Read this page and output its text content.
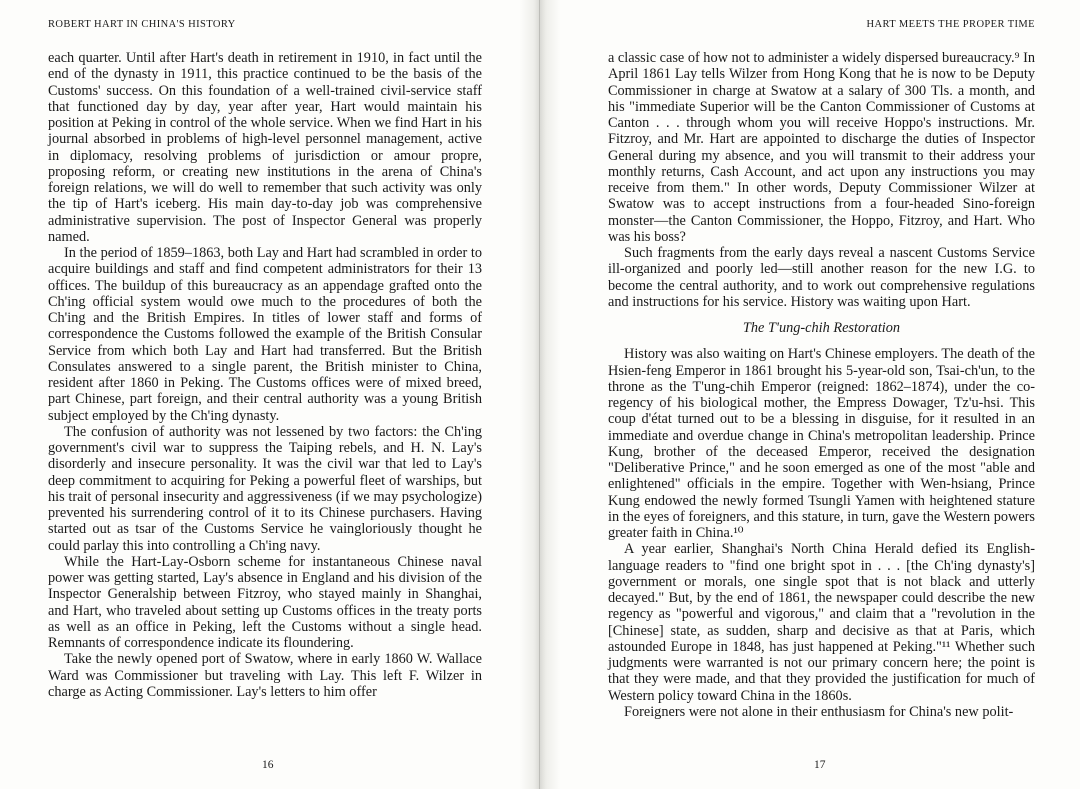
ROBERT HART IN CHINA'S HISTORY

each quarter. Until after Hart's death in retirement in 1910, in fact until the end of the dynasty in 1911, this practice continued to be the basis of the Customs' success. On this foundation of a well-trained civil-service staff that functioned day by day, year after year, Hart would maintain his position at Peking in control of the whole service. When we find Hart in his journal absorbed in problems of high-level personnel management, active in diplomacy, resolving problems of jurisdiction or amour propre, proposing reform, or creating new institutions in the arena of China's foreign relations, we will do well to remember that such activity was only the tip of Hart's iceberg. His main day-to-day job was comprehensive administrative supervision. The post of Inspector General was properly named.

In the period of 1859–1863, both Lay and Hart had scrambled in order to acquire buildings and staff and find competent administrators for their 13 offices. The buildup of this bureaucracy as an appendage grafted onto the Ch'ing official system would owe much to the procedures of both the Ch'ing and the British Empires. In titles of lower staff and forms of correspondence the Customs followed the example of the British Consular Service from which both Lay and Hart had transferred. But the British Consulates answered to a single parent, the British minister to China, resident after 1860 in Peking. The Customs offices were of mixed breed, part Chinese, part foreign, and their central authority was a young British subject employed by the Ch'ing dynasty.

The confusion of authority was not lessened by two factors: the Ch'ing government's civil war to suppress the Taiping rebels, and H. N. Lay's disorderly and insecure personality. It was the civil war that led to Lay's deep commitment to acquiring for Peking a powerful fleet of warships, but his trait of personal insecurity and aggressiveness (if we may psychologize) prevented his surrendering control of it to its Chinese purchasers. Having started out as tsar of the Customs Service he vaingloriously thought he could parlay this into controlling a Ch'ing navy.

While the Hart-Lay-Osborn scheme for instantaneous Chinese naval power was getting started, Lay's absence in England and his division of the Inspector Generalship between Fitzroy, who stayed mainly in Shanghai, and Hart, who traveled about setting up Customs offices in the treaty ports as well as an office in Peking, left the Customs without a single head. Remnants of correspondence indicate its floundering.

Take the newly opened port of Swatow, where in early 1860 W. Wallace Ward was Commissioner but traveling with Lay. This left F. Wilzer in charge as Acting Commissioner. Lay's letters to him offer

16
HART MEETS THE PROPER TIME

a classic case of how not to administer a widely dispersed bureaucracy.⁹ In April 1861 Lay tells Wilzer from Hong Kong that he is now to be Deputy Commissioner in charge at Swatow at a salary of 300 Tls. a month, and his "immediate Superior will be the Canton Commissioner of Customs at Canton . . . through whom you will receive Hoppo's instructions. Mr. Fitzroy, and Mr. Hart are appointed to discharge the duties of Inspector General during my absence, and you will transmit to their address your monthly returns, Cash Account, and act upon any instructions you may receive from them." In other words, Deputy Commissioner Wilzer at Swatow was to accept instructions from a four-headed Sino-foreign monster—the Canton Commissioner, the Hoppo, Fitzroy, and Hart. Who was his boss?

Such fragments from the early days reveal a nascent Customs Service ill-organized and poorly led—still another reason for the new I.G. to become the central authority, and to work out comprehensive regulations and instructions for his service. History was waiting upon Hart.

The T'ung-chih Restoration

History was also waiting on Hart's Chinese employers. The death of the Hsien-feng Emperor in 1861 brought his 5-year-old son, Tsai-ch'un, to the throne as the T'ung-chih Emperor (reigned: 1862–1874), under the co-regency of his biological mother, the Empress Dowager, Tz'u-hsi. This coup d'état turned out to be a blessing in disguise, for it resulted in an immediate and overdue change in China's metropolitan leadership. Prince Kung, brother of the deceased Emperor, received the designation "Deliberative Prince," and he soon emerged as one of the most "able and enlightened" officials in the empire. Together with Wen-hsiang, Prince Kung endowed the newly formed Tsungli Yamen with heightened stature in the eyes of foreigners, and this stature, in turn, gave the Western powers greater faith in China.¹⁰

A year earlier, Shanghai's North China Herald defied its English-language readers to "find one bright spot in . . . [the Ch'ing dynasty's] government or morals, one single spot that is not black and utterly decayed." But, by the end of 1861, the newspaper could describe the new regency as "powerful and vigorous," and claim that a "revolution in the [Chinese] state, as sudden, sharp and decisive as that at Paris, which astounded Europe in 1848, has just happened at Peking."¹¹ Whether such judgments were warranted is not our primary concern here; the point is that they were made, and that they provided the justification for much of Western policy toward China in the 1860s.

Foreigners were not alone in their enthusiasm for China's new polit-

17
